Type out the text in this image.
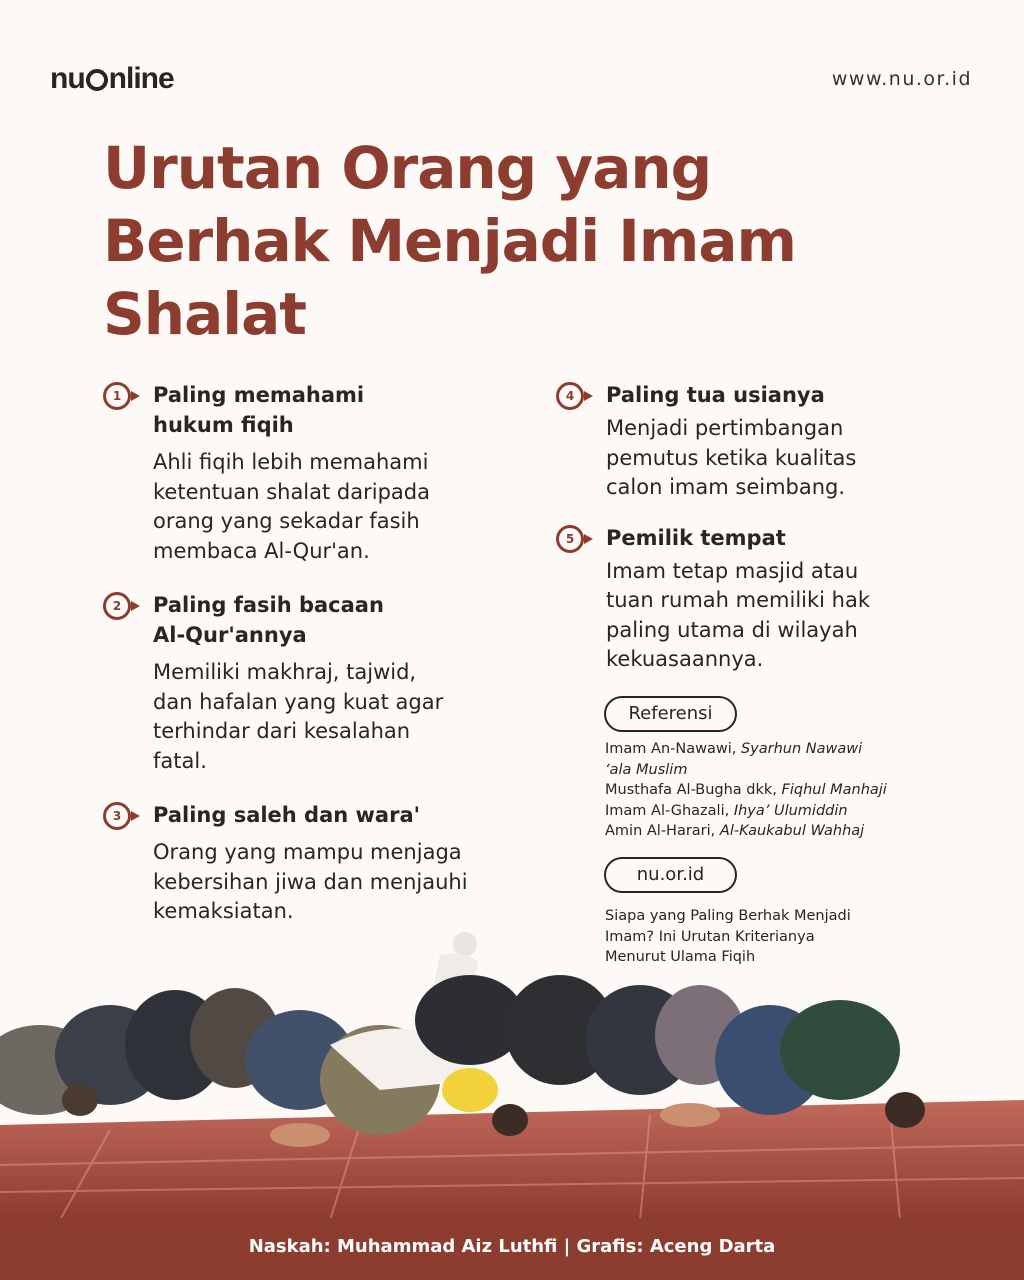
nu nline	www.nu.or.id
Urutan Orang yang Berhak Menjadi Imam Shalat
1	Paling memahami
hukum fiqih
Ahli fiqih lebih memahami
ketentuan shalat daripada
orang yang sekadar fasih
membaca Al-Qur'an.
2	Paling fasih bacaan
Al-Qur'annya
Memiliki makhraj, tajwid,
dan hafalan yang kuat agar
terhindar dari kesalahan
fatal.
3	Paling saleh dan wara'
Orang yang mampu menjaga
kebersihan jiwa dan menjauhi
kemaksiatan.
4	Paling tua usianya
Menjadi pertimbangan
pemutus ketika kualitas
calon imam seimbang.
5	Pemilik tempat
Imam tetap masjid atau
tuan rumah memiliki hak
paling utama di wilayah
kekuasaannya.
Referensi
Imam An-Nawawi, Syarhun Nawawi
‘ala Muslim
Musthafa Al-Bugha dkk, Fiqhul Manhaji
Imam Al-Ghazali, Ihya’ Ulumiddin
Amin Al-Harari, Al-Kaukabul Wahhaj
nu.or.id
Siapa yang Paling Berhak Menjadi
Imam? Ini Urutan Kriterianya
Menurut Ulama Fiqih
Naskah: Muhammad Aiz Luthfi | Grafis: Aceng Darta
